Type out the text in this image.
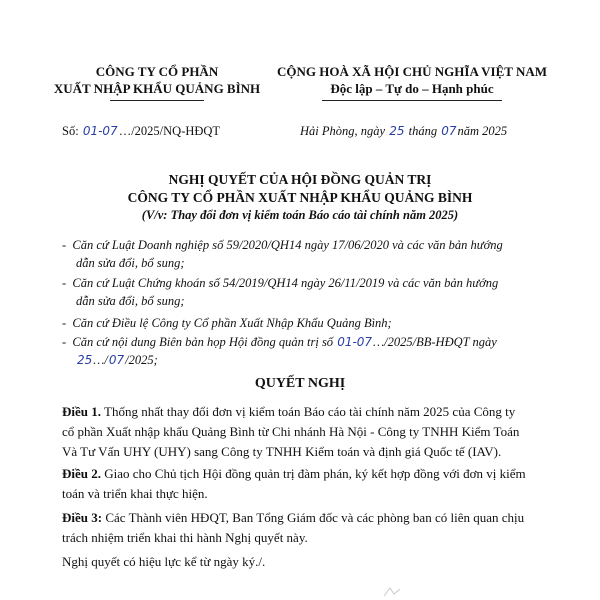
CÔNG TY CỔ PHẦN
XUẤT NHẬP KHẨU QUẢNG BÌNH
CỘNG HOÀ XÃ HỘI CHỦ NGHĨA VIỆT NAM
Độc lập – Tự do – Hạnh phúc
Số: 01-07…/2025/NQ-HĐQT	Hải Phòng, ngày 25 tháng 07năm 2025
NGHỊ QUYẾT CỦA HỘI ĐỒNG QUẢN TRỊ
CÔNG TY CỔ PHẦN XUẤT NHẬP KHẨU QUẢNG BÌNH
(V/v: Thay đổi đơn vị kiểm toán Báo cáo tài chính năm 2025)
-  Căn cứ Luật Doanh nghiệp số 59/2020/QH14 ngày 17/06/2020 và các văn bản hướng
dẫn sửa đổi, bổ sung;
-  Căn cứ Luật Chứng khoán số 54/2019/QH14 ngày 26/11/2019 và các văn bản hướng
dẫn sửa đổi, bổ sung;
-  Căn cứ Điều lệ Công ty Cổ phần Xuất Nhập Khẩu Quảng Bình;
-  Căn cứ nội dung Biên bản họp Hội đồng quản trị số 01-07…/2025/BB-HĐQT ngày
25…/07/2025;
QUYẾT NGHỊ
Điều 1. Thống nhất thay đổi đơn vị kiểm toán Báo cáo tài chính năm 2025 của Công ty
cổ phần Xuất nhập khẩu Quảng Bình từ Chi nhánh Hà Nội - Công ty TNHH Kiểm Toán
Và Tư Vấn UHY (UHY) sang Công ty TNHH Kiểm toán và định giá Quốc tế (IAV).
Điều 2. Giao cho Chủ tịch Hội đồng quản trị đàm phán, ký kết hợp đồng với đơn vị kiểm
toán và triển khai thực hiện.
Điều 3: Các Thành viên HĐQT, Ban Tổng Giám đốc và các phòng ban có liên quan chịu
trách nhiệm triển khai thi hành Nghị quyết này.
Nghị quyết có hiệu lực kể từ ngày ký./.
